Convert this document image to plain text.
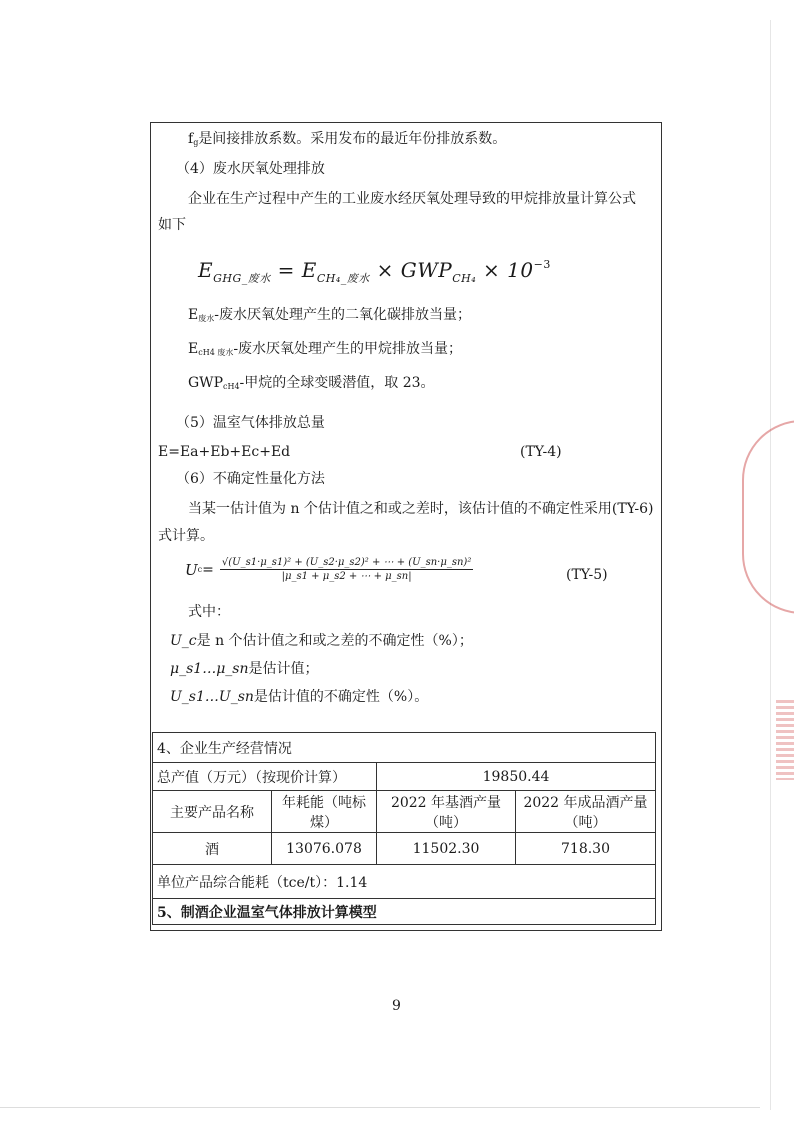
$f_g$是间接排放系数。采用发布的最近年份排放系数。
（4）废水厌氧处理排放
企业在生产过程中产生的工业废水经厌氧处理导致的甲烷排放量计算公式
如下
$E_{GHG\_废水} = E_{CH_4\_废水} \times GWP_{CH_4} \times 10^{-3}$
$E_{废水}-$废水厌氧处理产生的二氧化碳排放当量；
$E_{cH4 废水}-$废水厌氧处理产生的甲烷排放当量；
$GWP_{cH4}-$甲烷的全球变暖潜值，取 23。
（5）温室气体排放总量
E=Ea+Eb+Ec+Ed	(TY-4)
（6）不确定性量化方法
当某一估计值为 n 个估计值之和或之差时，该估计值的不确定性采用(TY-6)
式计算。
U $c = \frac{\text{√(U\_s1·μ\_s1)² + (U\_s2·μ\_s2)² + ⋯ + (U\_sn·μ\_sn)²}}{|\mu\_s1 + \mu\_s2 + \cdots + \mu\_sn|}$	(TY-5)
式中：
U_c是 n 个估计值之和或之差的不确定性（%）；
μ_s1…μ_sn是估计值；
U_s1…U_sn是估计值的不确定性（%）。
4、企业生产经营情况			
总产值（万元）（按现价计算）		19850.44	
主要产品名称	年耗能（吨标煤）	2022 年基酒产量（吨）	2022 年成品酒产量（吨）
酒	13076.078	11502.30	718.30
单位产品综合能耗（tce/t）：1.14			
5、制酒企业温室气体排放计算模型			
9
